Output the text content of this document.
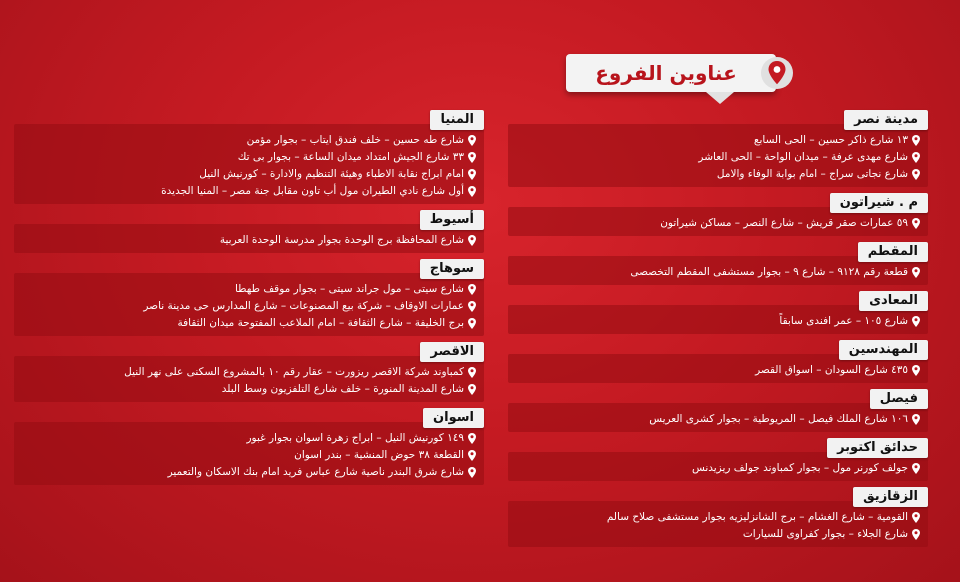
عناوين الفروع
مدينة نصر
١٣ شارع ذاكر حسين – الحى السابع
شارع مهدى عرفة – ميدان الواحة – الحى العاشر
شارع نجاتى سراج – امام بوابة الوفاء والامل
م . شيراتون
٥٩ عمارات صقر قريش – شارع النصر – مساكن شيراتون
المقطم
قطعة رقم ٩١٢٨ – شارع ٩ – بجوار مستشفى المقطم التخصصى
المعادى
شارع ١٠٥ – عمر افندى سابقاً
المهندسين
٤٣٥ شارع السودان – اسواق القصر
فيصل
١٠٦ شارع الملك فيصل – المريوطية – بجوار كشرى العريس
حدائق اكتوبر
جولف كورنر مول – بجوار كمباوند جولف ريزيدنس
الزقازيق
القومية – شارع الغشام – برج الشانزليزيه بجوار مستشفى صلاح سالم
شارع الجلاء – بجوار كفراوى للسيارات
المنيا
شارع طه حسين – خلف فندق ايتاب – بجوار مؤمن
٣٣ شارع الجيش امتداد ميدان الساعة – بجوار بى تك
امام ابراج نقابة الاطباء وهيئة التنظيم والادارة – كورنيش النيل
أول شارع نادي الطيران مول أب تاون مقابل جنة مصر – المنيا الجديدة
أسيوط
شارع المحافظة برج الوحدة بجوار مدرسة الوحدة العربية
سوهاج
شارع سيتى – مول جراند سيتى – بجوار موقف طهطا
عمارات الاوقاف – شركة بيع المصنوعات – شارع المدارس حى مدينة ناصر
برج الخليفة – شارع الثقافة – امام الملاعب المفتوحة ميدان الثقافة
الاقصر
كمباوند شركة الاقصر ريزورت – عقار رقم ١٠ بالمشروع السكنى على نهر النيل
شارع المدينة المنورة – خلف شارع التلفزيون وسط البلد
اسوان
١٤٩ كورنيش النيل – ابراج زهرة اسوان بجوار غبور
القطعة ٣٨ حوض المنشية – بندر اسوان
شارع شرق البندر ناصية شارع عباس فريد امام بنك الاسكان والتعمير
